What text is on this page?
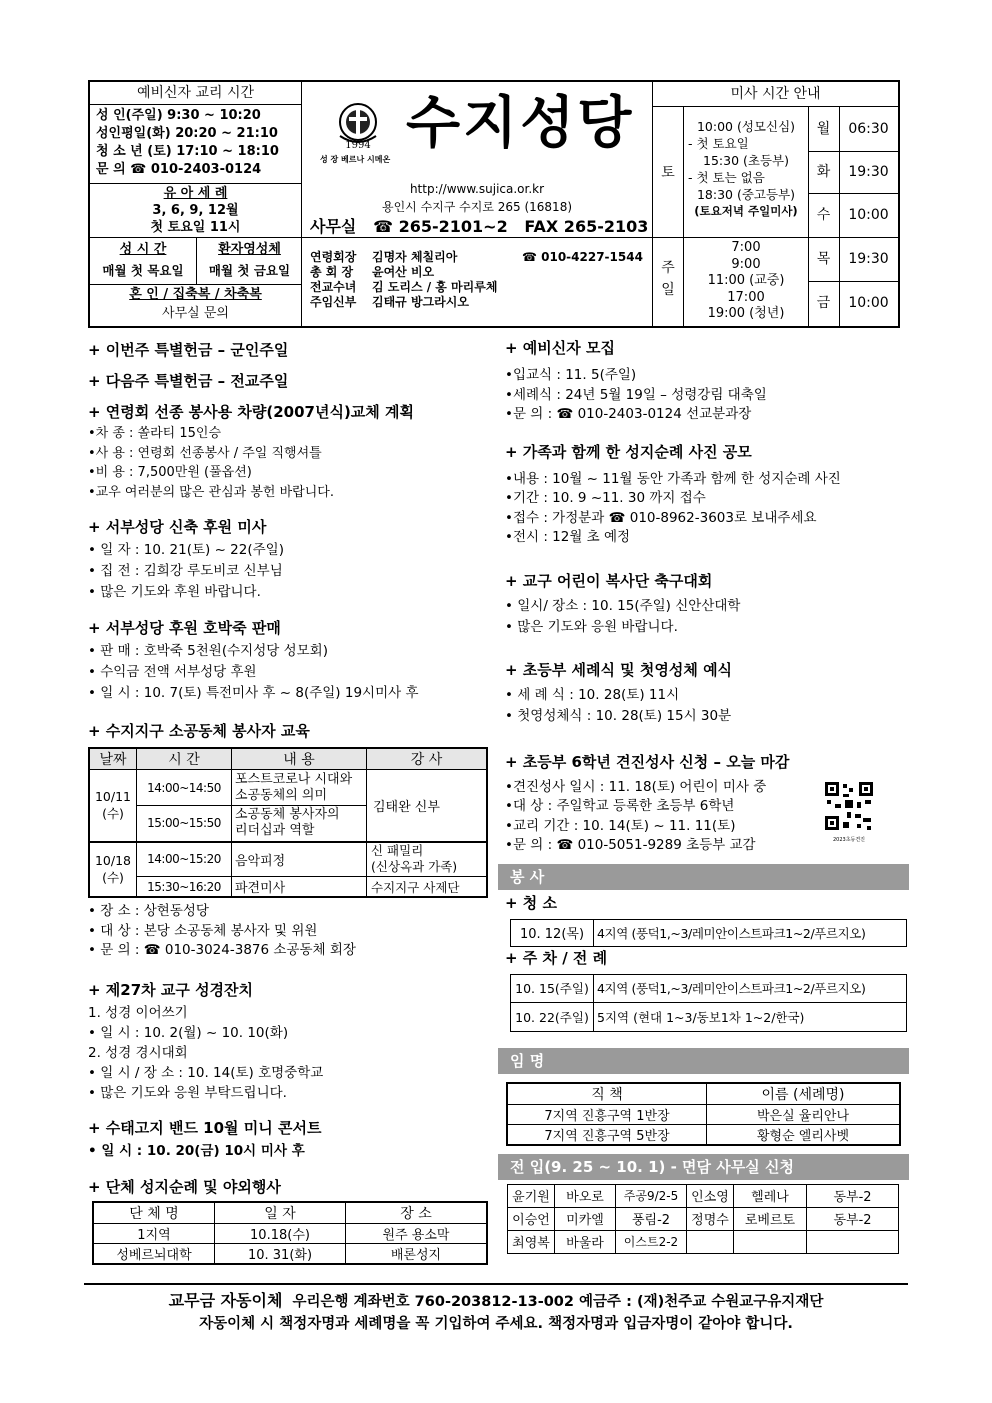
예비신자 교리 시간
성 인(주일) 9:30 ~ 10:20
성인평일(화) 20:20 ~ 21:10
청 소 년 (토) 17:10 ~ 18:10
문 의 ☎ 010-2403-0124
유 아 세 례
3, 6, 9, 12월
첫 토요일 11시
성 시 간
매월 첫 목요일
환자영성체
매월 첫 금요일
혼 인 / 집축복 / 차축복
사무실 문의
1994
성 장 베르나 시메온
수지성당
http://www.sujica.or.kr
용인시 수지구 수지로 265 (16818)
사무실 ☎ 265-2101~2 FAX 265-2103
연령회장	김명자 체칠리아	☎ 010-4227-1544
총 회 장	윤여산 비오
전교수녀	김 도리스 / 홍 마리루체
주임신부	김태규 방그라시오
미사 시간 안내
토
10:00 (성모신심)
- 첫 토요일
15:30 (초등부)
- 첫 토는 없음
18:30 (중고등부)
(토요저녁 주일미사)
주일
7:00
9:00
11:00 (교중)
17:00
19:00 (청년)
월	06:30
화	19:30
수	10:00
목	19:30
금	10:00
+ 이번주 특별헌금 – 군인주일
+ 다음주 특별헌금 – 전교주일
+ 연령회 선종 봉사용 차량(2007년식)교체 계획
•차 종 : 쏠라티 15인승
•사 용 : 연령회 선종봉사 / 주일 직행셔틀
•비 용 : 7,500만원 (풀옵션)
•교우 여러분의 많은 관심과 봉헌 바랍니다.
+ 서부성당 신축 후원 미사
• 일 자 : 10. 21(토) ~ 22(주일)
• 집 전 : 김희강 루도비코 신부님
• 많은 기도와 후원 바랍니다.
+ 서부성당 후원 호박죽 판매
• 판 매 : 호박죽 5천원(수지성당 성모회)
• 수익금 전액 서부성당 후원
• 일 시 : 10. 7(토) 특전미사 후 ~ 8(주일) 19시미사 후
+ 수지지구 소공동체 봉사자 교육
날짜	시 간	내 용	강 사
10/11
(수)	14:00~14:50	포스트코로나 시대와
소공동체의 의미	김태완 신부
	15:00~15:50	소공동체 봉사자의
리더십과 역할	
10/18
(수)	14:00~15:20	음악피정	신 패밀리
(신상옥과 가족)
	15:30~16:20	파견미사	수지지구 사제단
• 장 소 : 상현동성당
• 대 상 : 본당 소공동체 봉사자 및 위원
• 문 의 : ☎ 010-3024-3876 소공동체 회장
+ 제27차 교구 성경잔치
1. 성경 이어쓰기
• 일 시 : 10. 2(월) ~ 10. 10(화)
2. 성경 경시대회
• 일 시 / 장 소 : 10. 14(토) 호명중학교
• 많은 기도와 응원 부탁드립니다.
+ 수태고지 밴드 10월 미니 콘서트
• 일 시 : 10. 20(금) 10시 미사 후
+ 단체 성지순례 및 야외행사
단 체 명	일 자	장 소
1지역	10.18(수)	원주 용소막
성베르뇌대학	10. 31(화)	배론성지
+ 예비신자 모집
•입교식 : 11. 5(주일)
•세례식 : 24년 5월 19일 – 성령강림 대축일
•문 의 : ☎ 010-2403-0124 선교분과장
+ 가족과 함께 한 성지순례 사진 공모
•내용 : 10월 ~ 11월 동안 가족과 함께 한 성지순례 사진
•기간 : 10. 9 ~11. 30 까지 접수
•접수 : 가정분과 ☎ 010-8962-3603로 보내주세요
•전시 : 12월 초 예정
+ 교구 어린이 복사단 축구대회
• 일시/ 장소 : 10. 15(주일) 신안산대학
• 많은 기도와 응원 바랍니다.
+ 초등부 세례식 및 첫영성체 예식
• 세 례 식 : 10. 28(토) 11시
• 첫영성체식 : 10. 28(토) 15시 30분
+ 초등부 6학년 견진성사 신청 – 오늘 마감
•견진성사 일시 : 11. 18(토) 어린이 미사 중
•대 상 : 주일학교 등록한 초등부 6학년
•교리 기간 : 10. 14(토) ~ 11. 11(토)
•문 의 : ☎ 010-5051-9289 초등부 교감	2023초등견진
봉 사
+ 청 소
10. 12(목)	4지역 (풍덕1,~3/레미안이스트파크1~2/푸르지오)
+ 주 차 / 전 례
10. 15(주일)	4지역 (풍덕1,~3/레미안이스트파크1~2/푸르지오)
10. 22(주일)	5지역 (현대 1~3/동보1차 1~2/한국)
임 명
직 책	이름 (세례명)
7지역 진흥구역 1반장	박은실 율리안나
7지역 진흥구역 5반장	황형순 엘리사벳
전 입(9. 25 ~ 10. 1) - 면담 사무실 신청
윤기원	바오로	주공9/2-5	인소영	헬레나	동부-2
이승언	미카엘	풍림-2	정명수	로베르토	동부-2
최영복	바울라	이스트2-2			
교무금 자동이체 우리은행 계좌번호 760-203812-13-002 예금주 : (재)천주교 수원교구유지재단
자동이체 시 책정자명과 세례명을 꼭 기입하여 주세요. 책정자명과 입금자명이 같아야 합니다.
